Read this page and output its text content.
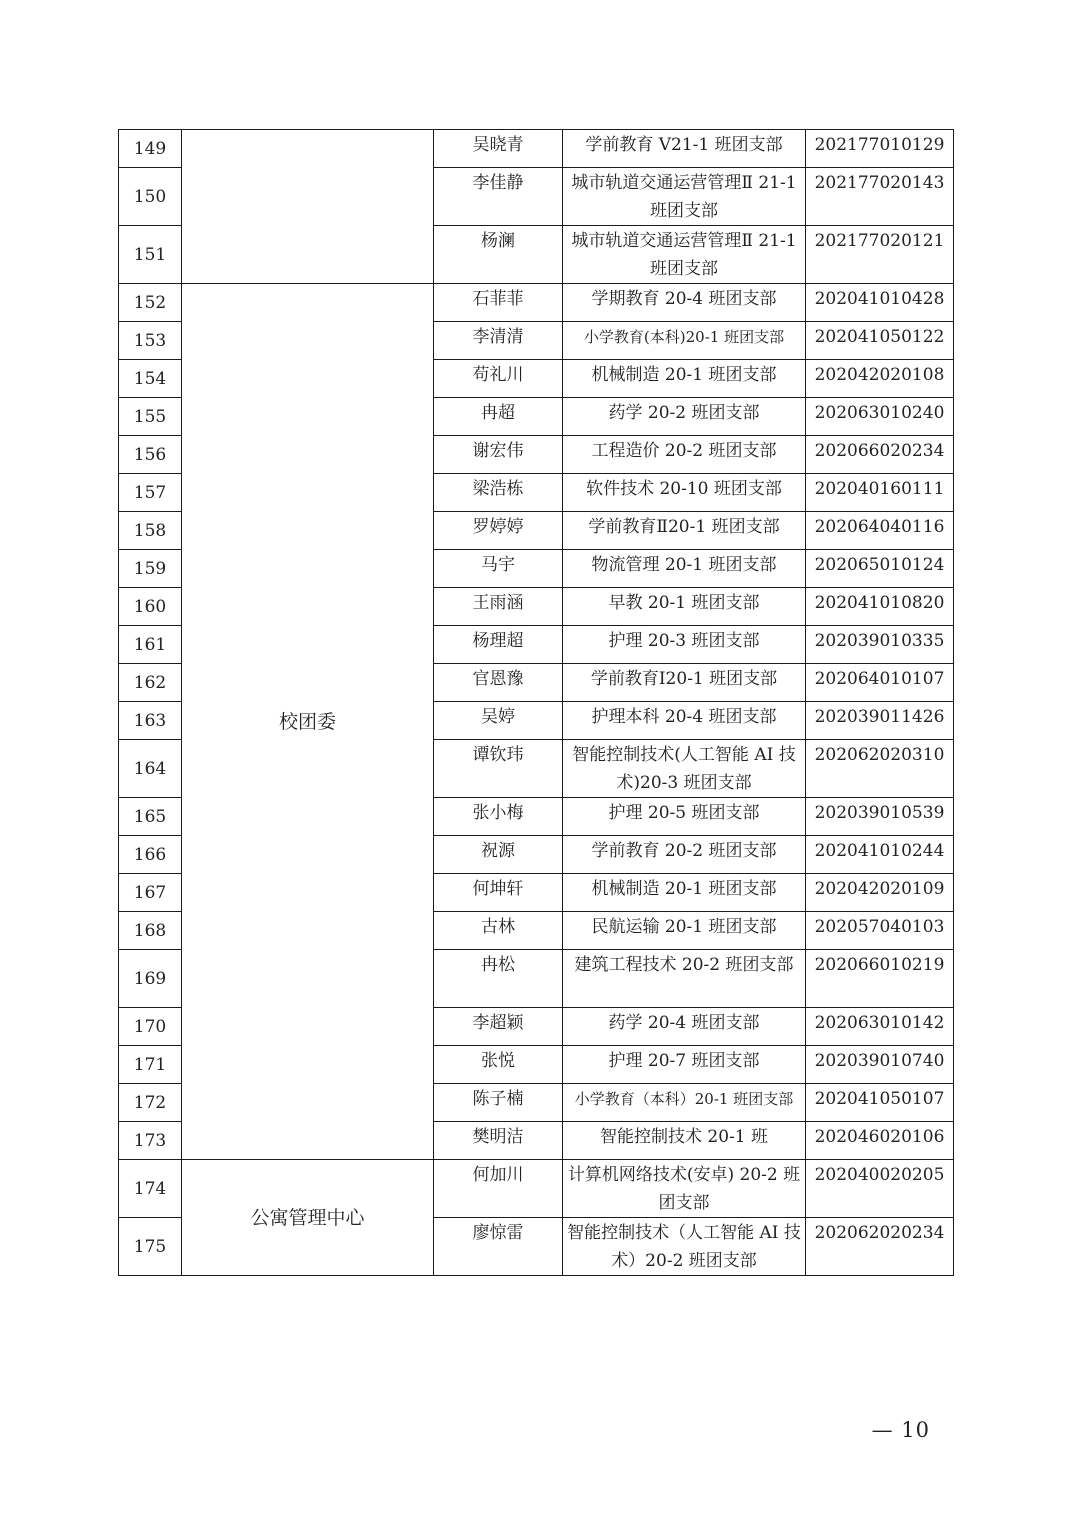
149		吴晓青	学前教育 V21-1 班团支部	202177010129
150		李佳静	城市轨道交通运营管理Ⅱ 21-1 班团支部	202177020143
151		杨澜	城市轨道交通运营管理Ⅱ 21-1 班团支部	202177020121
152	校团委	石菲菲	学期教育 20-4 班团支部	202041010428
153		李清清	小学教育(本科)20-1 班团支部	202041050122
154		苟礼川	机械制造 20-1 班团支部	202042020108
155		冉超	药学 20-2 班团支部	202063010240
156		谢宏伟	工程造价 20-2 班团支部	202066020234
157		梁浩栋	软件技术 20-10 班团支部	202040160111
158		罗婷婷	学前教育Ⅱ20-1 班团支部	202064040116
159		马宇	物流管理 20-1 班团支部	202065010124
160		王雨涵	早教 20-1 班团支部	202041010820
161		杨理超	护理 20-3 班团支部	202039010335
162		官恩豫	学前教育Ⅰ20-1 班团支部	202064010107
163		吴婷	护理本科 20-4 班团支部	202039011426
164		谭钦玮	智能控制技术(人工智能 AI 技术)20-3 班团支部	202062020310
165		张小梅	护理 20-5 班团支部	202039010539
166		祝源	学前教育 20-2 班团支部	202041010244
167		何坤轩	机械制造 20-1 班团支部	202042020109
168		古林	民航运输 20-1 班团支部	202057040103
169		冉松	建筑工程技术 20-2 班团支部	202066010219
170		李超颖	药学 20-4 班团支部	202063010142
171		张悦	护理 20-7 班团支部	202039010740
172		陈子楠	小学教育（本科）20-1 班团支部	202041050107
173		樊明洁	智能控制技术 20-1 班	202046020106
174	公寓管理中心	何加川	计算机网络技术(安卓) 20-2 班团支部	202040020205
175		廖惊雷	智能控制技术（人工智能 AI 技术）20-2 班团支部	202062020234
— 10
